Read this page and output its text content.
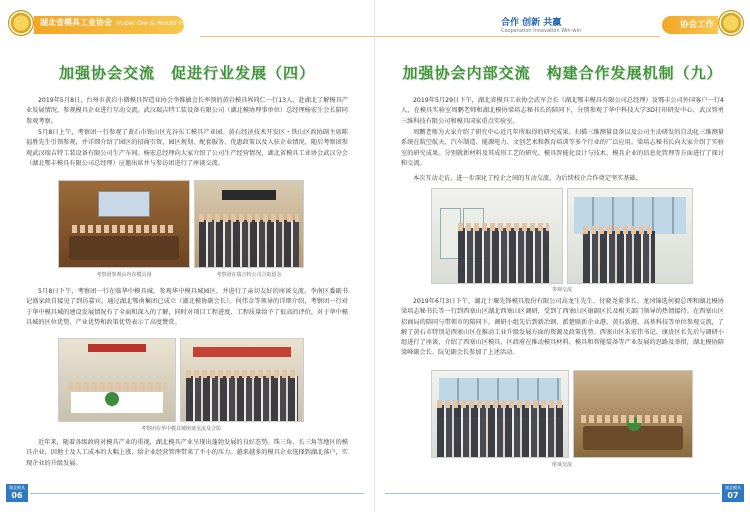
湖北省模具工业协会 Hubei Die & Mould Industry Association
加强协会交流　促进行业发展（四）

2019年5月8日，台州市黄岩小微模具智造业协会李惟敏会长率领的黄岩模具界同仁一行13人，赴湖北了解模具产业发展情况，参观模具企业进行互动交流。武汉瑞吉特工装设备有限公司（湖北模协理事单位）总经理杨宏生会长陪同参观考察。

5月8日上午，考察团一行参观了黄石市铁山区光谷东工模具产业园。黄石经济技术开发区・铁山区政协副主席陈福胜先生引领参观，并详细介绍了园区的招商引资、园区规划、配套服务、优惠政策以及入驻企业情况。随后考察团参观武汉瑞吉特工装设备有限公司生产车间。杨宏总经理向大家介绍了公司生产经营情况，湖北省模具工业协会武汉分会（湖北鄂丰模具有限公司总经理）应邀出席并与参访团进行了座谈交流。

考察团参观山谷东模具园	考察团在瑞吉特公司合影留念

5月8日下午，考察团一行在临华中模具城，参观华中模具城园区，并进行了亲切友好的座谈交流。李南区委副书记盛家政自接见了到访嘉宾。通过湖北鄂南集团已成立（湖北模协副会长）。何伟金等领导的详细介绍，考察团一行对于华中模具城的建设发展情况有了全面和深入的了解，同时对项目工程进度、工程质量给予了很高的评价，对于华中模具城的区位优势、产业优势和政策优势表示了高度赞赏。

考察团在华中模具城座谈交流及合影

近年来，随着各级政府对模具产业的重视，湖北模具产业呈现出蓬勃发展的良好态势。珠三角、长三角等地区的模具企业，因地土及人工成本的大幅上涨，给企业经营管理带来了不小的压力。越来越多的模具企业选择到湖北落户，实现企业的升级发展。

湖北模具
06
合作 创新 共赢
Cooperation Innovation Win-win
协会工作
加强协会内部交流　构建合作发展机制（九）

2019年5月29日下午，湖北省模具工业协会武军会长（湖北鄂丰模具有限公司总经理）及鄂丰公司外国客户一行4人，在模具实验室周鹏老师和湖北模协梁培志秘书长的陪同下，分别参观了华中科技大学3D打印研发中心、武汉智勇三维科技有限公司和模具国家重点实验室。

周鹏老师为大家介绍了研究中心近几年所取得的研究成果。扫描三维测量设备以及公司主动研发的自动化三维测量系统在航空航天、汽车制造、能源电力、文创艺术和教育培训等多个行业的广泛应用。梁培志秘书长向大家介绍了实验室的研究成果。分别就新材料及其成形工艺的研究、模具智能化设计与技术、模具企业的信息化管理等方面进行了探讨和交流。

本次互动走访，进一步深化了校企之间的互动交流，为后续校企合作奠定坚实基础。

参观交流

2019年6月3日下午，湖北十堰先锋模具股份有限公司高龙生先生、付晓尧董事长、龙冈锦选何毅总理和湖北模协梁培志秘书长等一行到西塞山区湖北西塞山区调研，受到了西塞山区康副区长及相关部门领导的热情接待。在西塞山区招商局的陪同与带领市的陪同下，调研小组先后到新冶钢、派楚联新企业港、黄石新港、高基科技等单位参观交流，了解了黄石市特别是西塞山区在推动工业升级发展方面的资源及政策优势。西塞山区朱宏伟书记、康贵区长先后与调研小组进行了座谈，介绍了西塞山区模具、区政府在推动模具材料、模具和智能装备等产业发展的思路及举措，湖北模协陪梁峰副会长、阮见副会长参加了上述活动。

座谈交流
湖北模具
07
